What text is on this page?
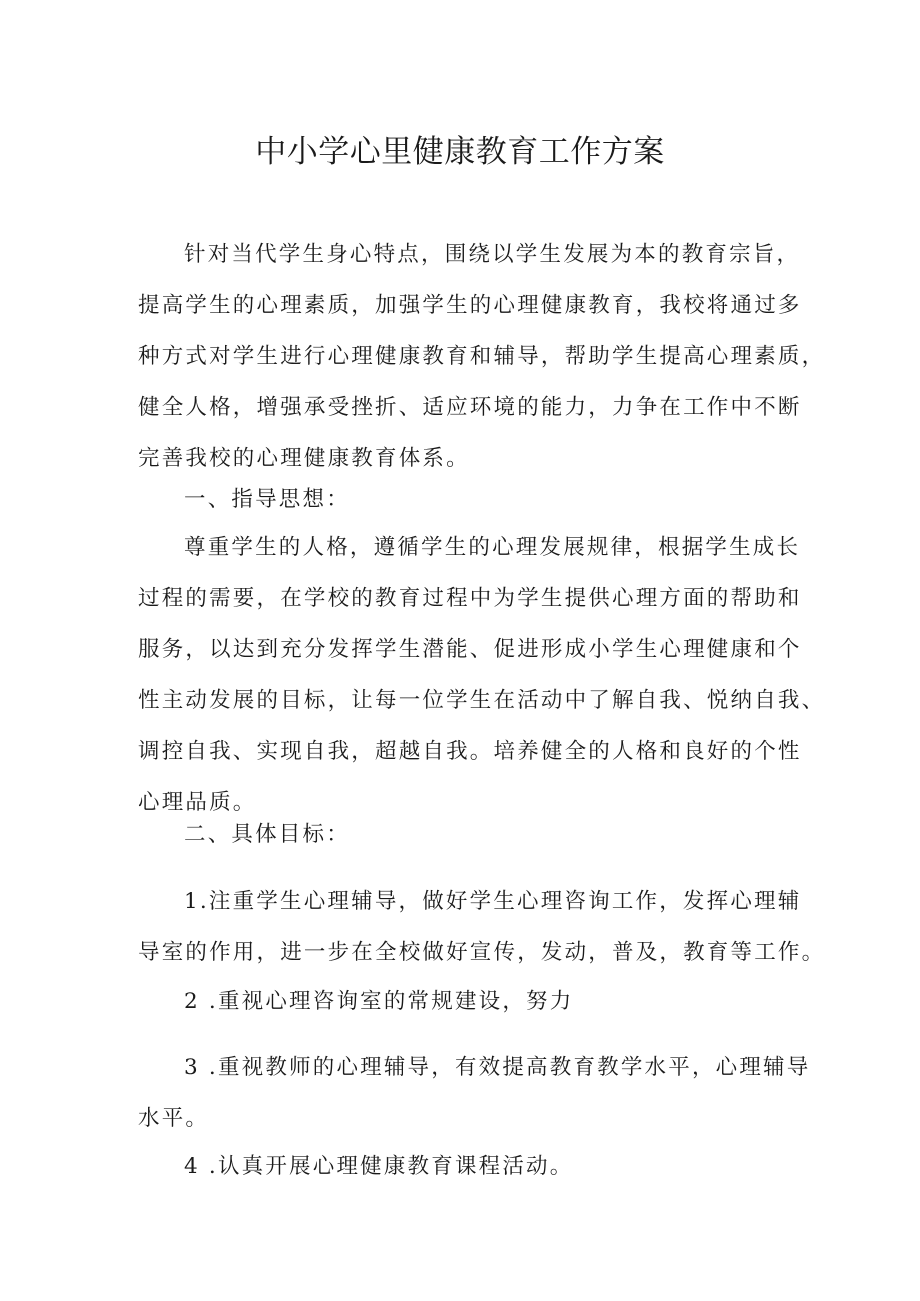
中小学心里健康教育工作方案

针对当代学生身心特点，围绕以学生发展为本的教育宗旨，
提高学生的心理素质，加强学生的心理健康教育，我校将通过多
种方式对学生进行心理健康教育和辅导，帮助学生提高心理素质，
健全人格，增强承受挫折、适应环境的能力，力争在工作中不断
完善我校的心理健康教育体系。

一、指导思想：

尊重学生的人格，遵循学生的心理发展规律，根据学生成长
过程的需要，在学校的教育过程中为学生提供心理方面的帮助和
服务，以达到充分发挥学生潜能、促进形成小学生心理健康和个
性主动发展的目标，让每一位学生在活动中了解自我、悦纳自我、
调控自我、实现自我，超越自我。培养健全的人格和良好的个性
心理品质。

二、具体目标：

1.注重学生心理辅导，做好学生心理咨询工作，发挥心理辅
导室的作用，进一步在全校做好宣传，发动，普及，教育等工作。

2 .重视心理咨询室的常规建设，努力

3 .重视教师的心理辅导，有效提高教育教学水平，心理辅导
水平。

4 .认真开展心理健康教育课程活动。
